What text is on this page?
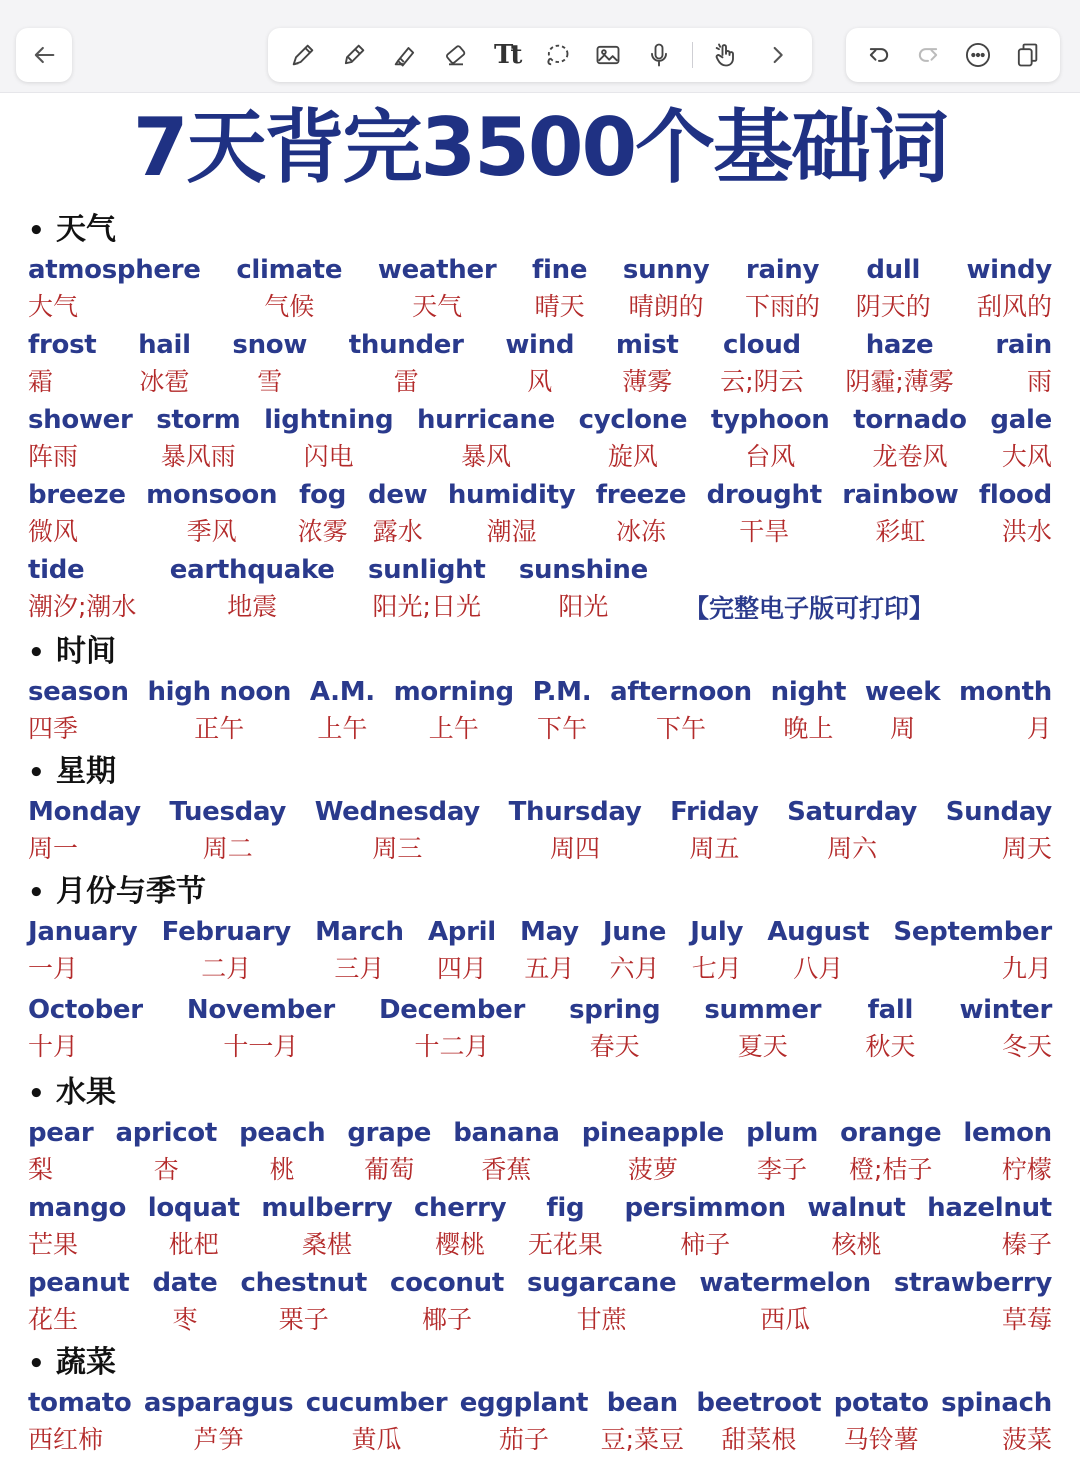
Tt
7天背完3500个基础词
• 天气
atmosphere
大气
climate
气候
weather
天气
fine
晴天
sunny
晴朗的
rainy
下雨的
dull
阴天的
windy
刮风的
frost
霜
hail
冰雹
snow
雪
thunder
雷
wind
风
mist
薄雾
cloud
云;阴云
haze
阴霾;薄雾
rain
雨
shower
阵雨
storm
暴风雨
lightning
闪电
hurricane
暴风
cyclone
旋风
typhoon
台风
tornado
龙卷风
gale
大风
breeze
微风
monsoon
季风
fog
浓雾
dew
露水
humidity
潮湿
freeze
冰冻
drought
干旱
rainbow
彩虹
flood
洪水
tide
潮汐;潮水
earthquake
地震
sunlight
阳光;日光
sunshine
阳光	【完整电子版可打印】
• 时间
season
四季
high noon
正午
A.M.
上午
morning
上午
P.M.
下午
afternoon
下午
night
晚上
week
周
month
月
• 星期
Monday
周一
Tuesday
周二
Wednesday
周三
Thursday
周四
Friday
周五
Saturday
周六
Sunday
周天
• 月份与季节
January
一月
February
二月
March
三月
April
四月
May
五月
June
六月
July
七月
August
八月
September
九月
October
十月
November
十一月
December
十二月
spring
春天
summer
夏天
fall
秋天
winter
冬天
• 水果
pear
梨
apricot
杏
peach
桃
grape
葡萄
banana
香蕉
pineapple
菠萝
plum
李子
orange
橙;桔子
lemon
柠檬
mango
芒果
loquat
枇杷
mulberry
桑椹
cherry
樱桃
fig
无花果
persimmon
柿子
walnut
核桃
hazelnut
榛子
peanut
花生
date
枣
chestnut
栗子
coconut
椰子
sugarcane
甘蔗
watermelon
西瓜
strawberry
草莓
• 蔬菜
tomato
西红柿
asparagus
芦笋
cucumber
黄瓜
eggplant
茄子
bean
豆;菜豆
beetroot
甜菜根
potato
马铃薯
spinach
菠菜
